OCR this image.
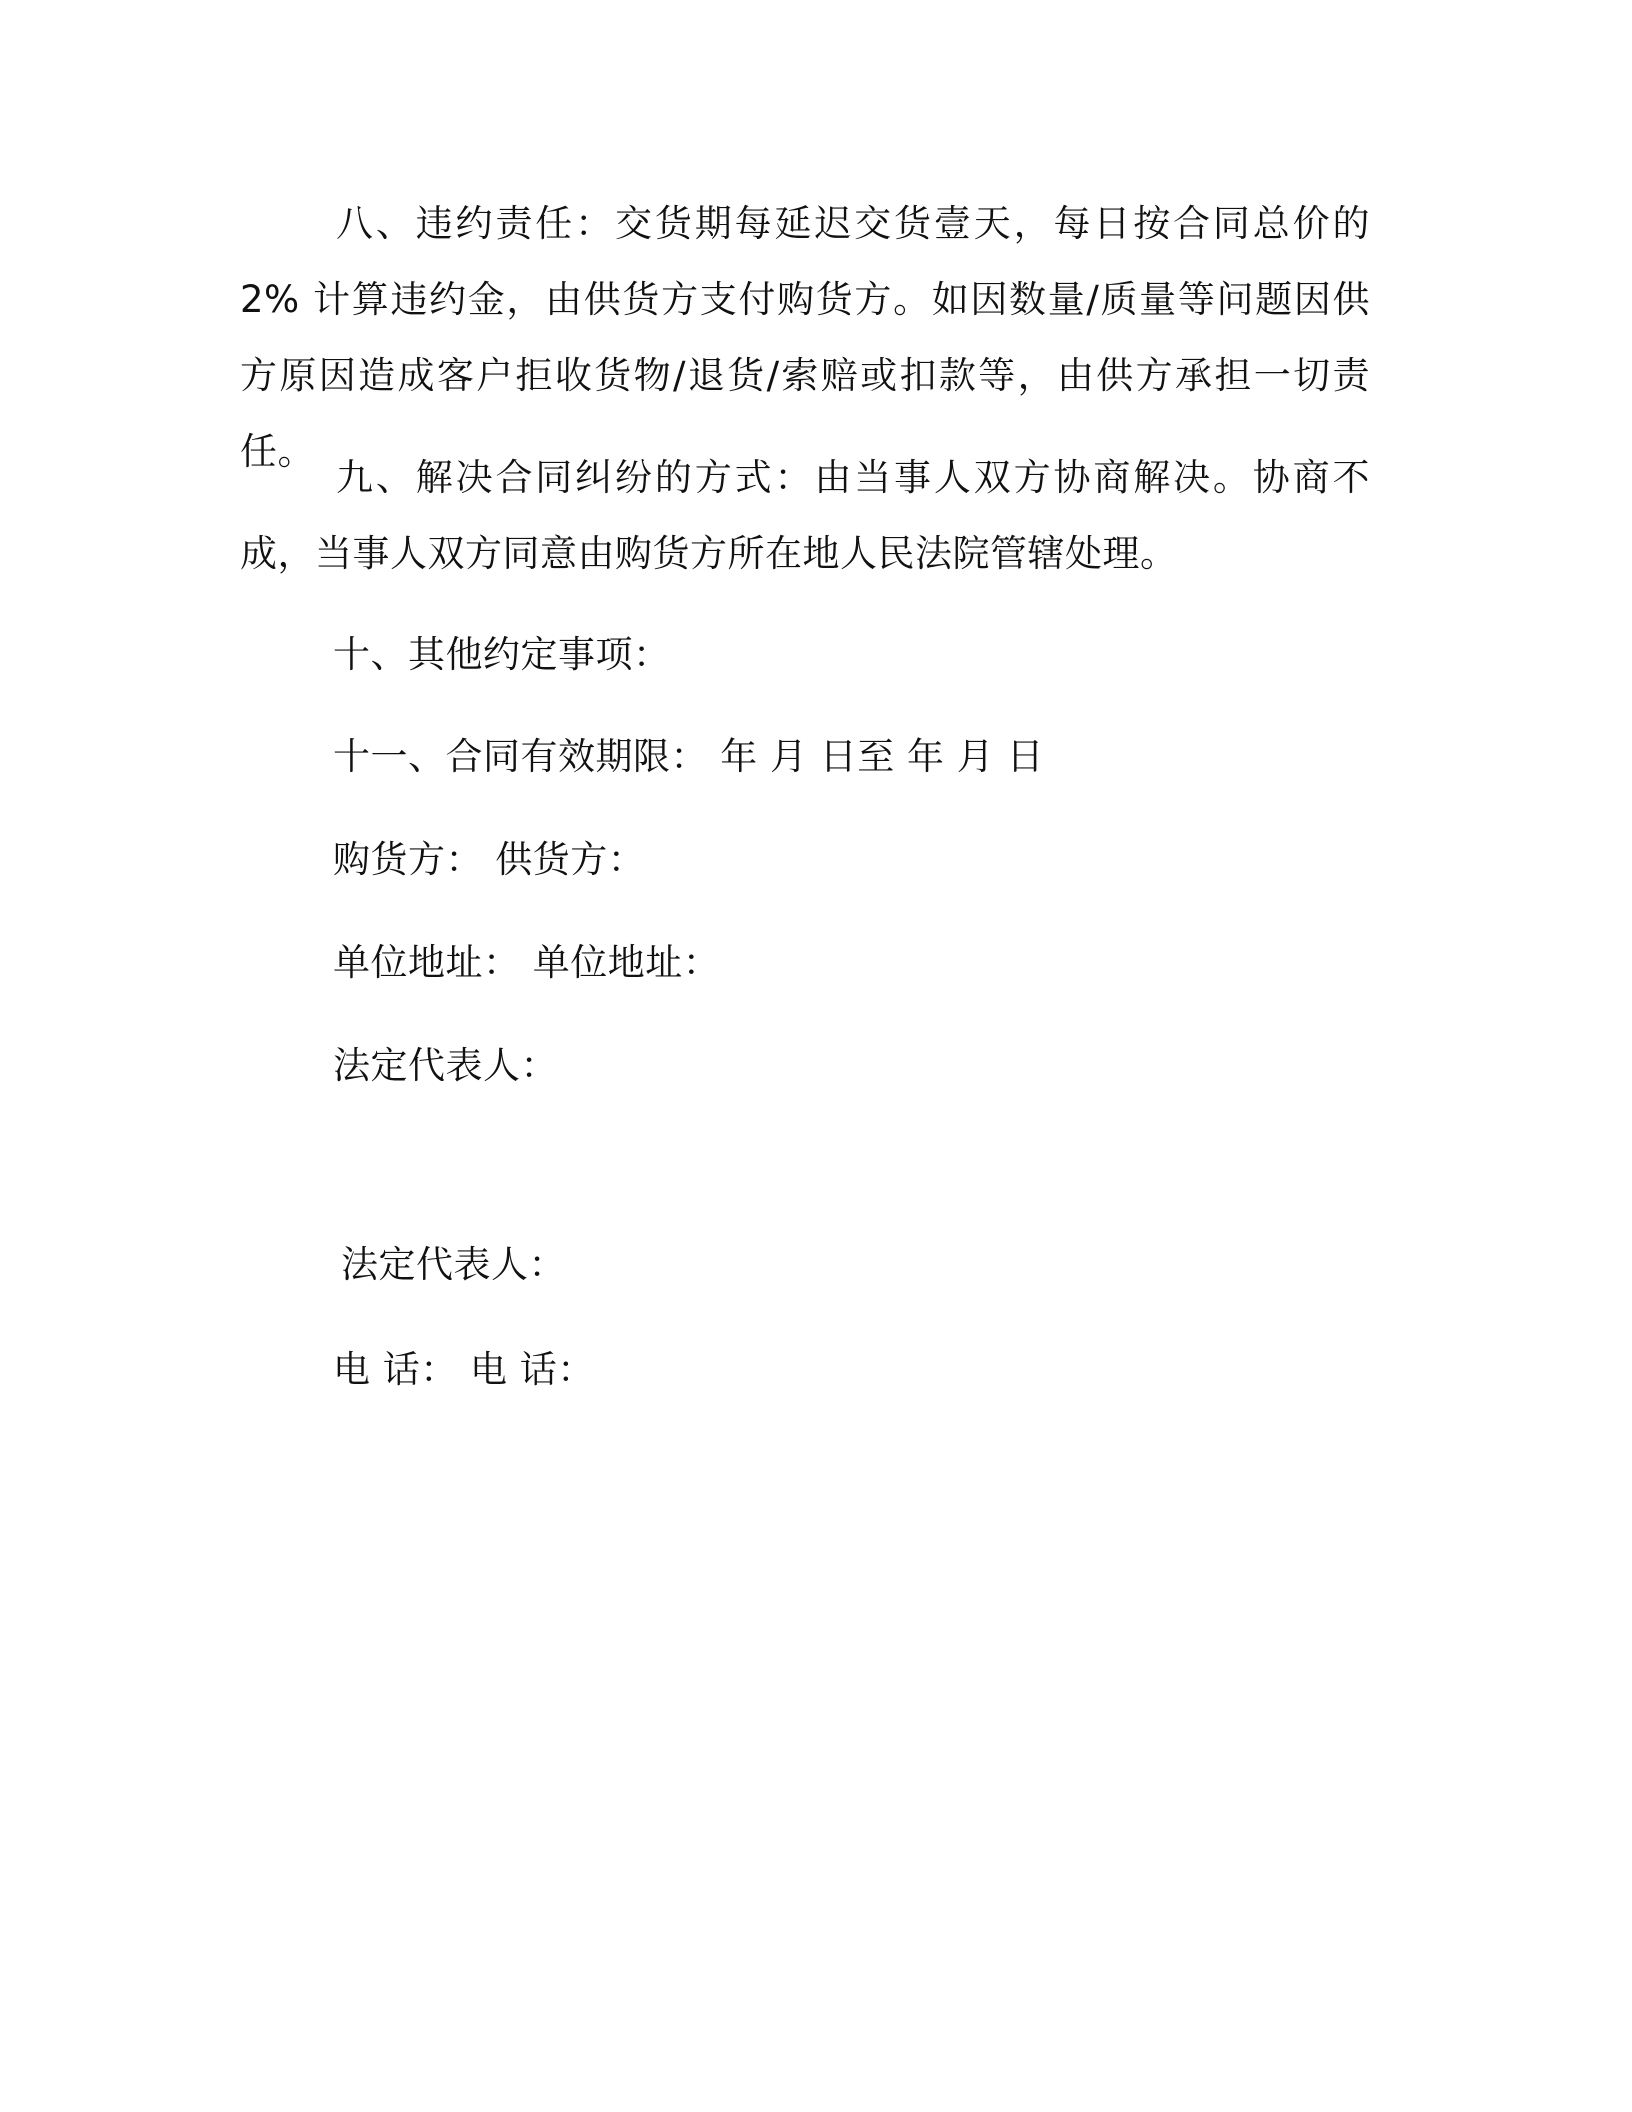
八、违约责任：交货期每延迟交货壹天，每日按合同总价的 2% 计算违约金，由供货方支付购货方。如因数量/质量等问题因供方原因造成客户拒收货物/退货/索赔或扣款等，由供方承担一切责任。

九、解决合同纠纷的方式：由当事人双方协商解决。协商不成，当事人双方同意由购货方所在地人民法院管辖处理。

十、其他约定事项：

十一、合同有效期限： 年 月 日至 年 月 日

购货方： 供货方：

单位地址： 单位地址：

法定代表人：

法定代表人：

电 话： 电 话：
